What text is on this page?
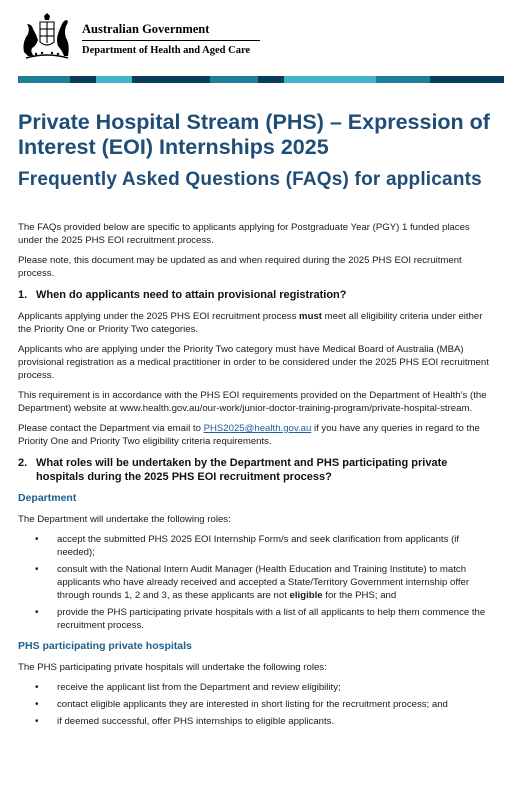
Australian Government
Department of Health and Aged Care
Private Hospital Stream (PHS) – Expression of Interest (EOI) Internships 2025
Frequently Asked Questions (FAQs) for applicants

The FAQs provided below are specific to applicants applying for Postgraduate Year (PGY) 1 funded places under the 2025 PHS EOI recruitment process.

Please note, this document may be updated as and when required during the 2025 PHS EOI recruitment process.

1. When do applicants need to attain provisional registration?

Applicants applying under the 2025 PHS EOI recruitment process must meet all eligibility criteria under either the Priority One or Priority Two categories.

Applicants who are applying under the Priority Two category must have Medical Board of Australia (MBA) provisional registration as a medical practitioner in order to be considered under the 2025 PHS EOI recruitment process.

This requirement is in accordance with the PHS EOI requirements provided on the Department of Health’s (the Department) website at www.health.gov.au/our-work/junior-doctor-training-program/private-hospital-stream.

Please contact the Department via email to PHS2025@health.gov.au if you have any queries in regard to the Priority One and Priority Two eligibility criteria requirements.

2. What roles will be undertaken by the Department and PHS participating private hospitals during the 2025 PHS EOI recruitment process?
Department

The Department will undertake the following roles:

• accept the submitted PHS 2025 EOI Internship Form/s and seek clarification from applicants (if needed);
• consult with the National Intern Audit Manager (Health Education and Training Institute) to match applicants who have already received and accepted a State/Territory Government internship offer through rounds 1, 2 and 3, as these applicants are not eligible for the PHS; and
• provide the PHS participating private hospitals with a list of all applicants to help them commence the recruitment process.
PHS participating private hospitals

The PHS participating private hospitals will undertake the following roles:

• receive the applicant list from the Department and review eligibility;
• contact eligible applicants they are interested in short listing for the recruitment process; and
• if deemed successful, offer PHS internships to eligible applicants.
